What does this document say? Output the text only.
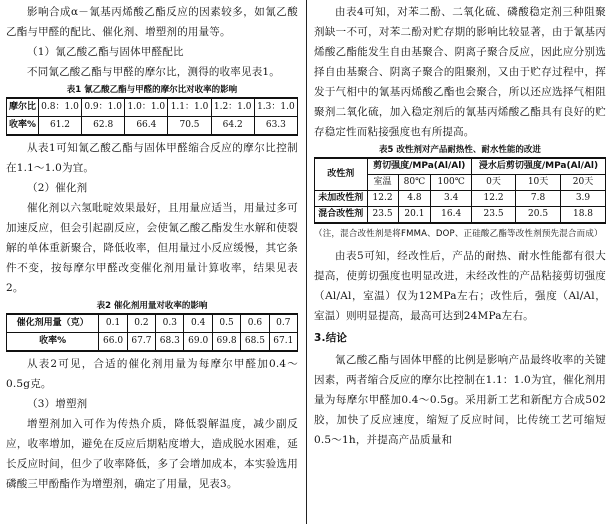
影响合成α－氰基丙烯酸乙酯反应的因素较多，如氰乙酸乙酯与甲醛的配比、催化剂、增塑剂的用量等。

（1）氰乙酸乙酯与固体甲醛配比

不同氰乙酸乙酯与甲醛的摩尔比，测得的收率见表1。

表1 氰乙酸乙酯与甲醛的摩尔比对收率的影响
摩尔比	0.8：1.0	0.9：1.0	1.0：1.0	1.1：1.0	1.2：1.0	1.3：1.0
收率%	61.2	62.8	66.4	70.5	64.2	63.3

从表1可知氰乙酸乙酯与固体甲醛缩合反应的摩尔比控制在1.1～1.0为宜。

（2）催化剂

催化剂以六氢吡啶效果最好，且用量应适当，用量过多可加速反应，但会引起副反应，会使氰乙酸乙酯发生水解和使裂解的单体重新聚合，降低收率，但用量过小反应缓慢，其它条件不变，按每摩尔甲醛改变催化剂用量计算收率，结果见表2。

表2 催化剂用量对收率的影响
催化剂用量（克）	0.1	0.2	0.3	0.4	0.5	0.6	0.7
收率%	66.0	67.7	68.3	69.0	69.8	68.5	67.1

从表2可见，合适的催化剂用量为每摩尔甲醛加0.4～0.5g克。

（3）增塑剂

增塑剂加入可作为传热介质，降低裂解温度，减少副反应，收率增加，避免在反应后期粘度增大，造成脱水困难，延长反应时间，但少了收率降低，多了会增加成本，本实验选用磷酸三甲酚酯作为增塑剂，确定了用量，见表3。

由表4可知，对苯二酚、二氧化硫、磷酸稳定剂三种阻聚剂缺一不可，对苯二酚对贮存期的影响比较显著，由于氰基丙烯酸乙酯能发生自由基聚合、阴离子聚合反应，因此应分别选择自由基聚合、阴离子聚合的阻聚剂，又由于贮存过程中，挥发于气相中的氰基丙烯酸乙酯也会聚合，所以还应选择气相阻聚剂二氧化硫，加入稳定剂后的氰基丙烯酸乙酯具有良好的贮存稳定性而粘接强度也有所提高。

表5 改性剂对产品耐热性、耐水性能的改进
改性剂	剪切强度/MPa(Al/Al)			浸水后剪切强度/MPa(Al/Al)		
	室温	80℃	100℃	0天	10天	20天
未加改性剂	12.2	4.8	3.4	12.2	7.8	3.9
混合改性剂	23.5	20.1	16.4	23.5	20.5	18.8

（注，混合改性剂是将FMMA、DOP、正硅酸乙酯等改性剂预先混合而成）

由表5可知，经改性后，产品的耐热、耐水性能都有很大提高，使剪切强度也明显改进，未经改性的产品粘接剪切强度（Al/Al，室温）仅为12MPa左右；改性后，强度（Al/Al，室温）则明显提高，最高可达到24MPa左右。

3.结论

氰乙酸乙酯与固体甲醛的比例是影响产品最终收率的关键因素，两者缩合反应的摩尔比控制在1.1：1.0为宜，催化剂用量为每摩尔甲醛加0.4～0.5g。采用新工艺和新配方合成502胶，加快了反应速度，缩短了反应时间，比传统工艺可缩短0.5～1h，并提高产品质量和
